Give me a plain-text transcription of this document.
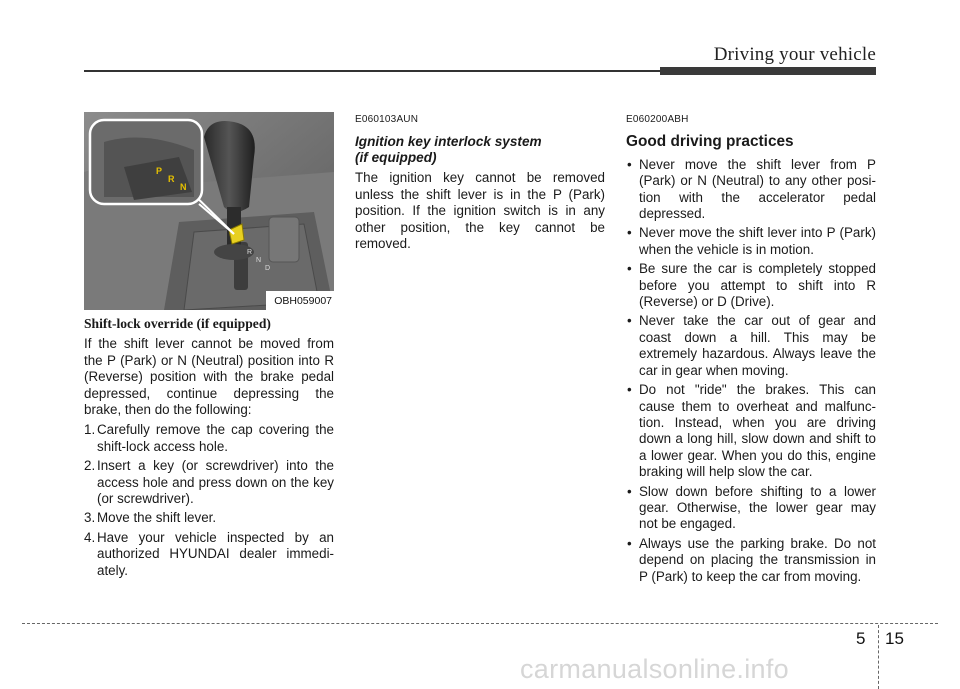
Driving your vehicle
R
N
D
P
R
N
OBH059007
Shift-lock override (if equipped)

If the shift lever cannot be moved from the P (Park) or N (Neutral) position into R (Reverse) position with the brake pedal depressed, continue depressing the brake, then do the following:

1. Carefully remove the cap covering the shift-lock access hole.
2. Insert a key (or screwdriver) into the access hole and press down on the key (or screwdriver).
3. Move the shift lever.
4. Have your vehicle inspected by an authorized HYUNDAI dealer immedi-ately.
E060103AUN
Ignition key interlock system
(if equipped)

The ignition key cannot be removed unless the shift lever is in the P (Park) position. If the ignition switch is in any other position, the key cannot be removed.

E060200ABH
Good driving practices
• Never move the shift lever from P (Park) or N (Neutral) to any other posi-tion with the accelerator pedal depressed.
• Never move the shift lever into P (Park) when the vehicle is in motion.
• Be sure the car is completely stopped before you attempt to shift into R (Reverse) or D (Drive).
• Never take the car out of gear and coast down a hill. This may be extremely hazardous. Always leave the car in gear when moving.
• Do not "ride" the brakes. This can cause them to overheat and malfunc-tion. Instead, when you are driving down a long hill, slow down and shift to a lower gear. When you do this, engine braking will help slow the car.
• Slow down before shifting to a lower gear. Otherwise, the lower gear may not be engaged.
• Always use the parking brake. Do not depend on placing the transmission in P (Park) to keep the car from moving.
5 15
carmanualsonline.info
